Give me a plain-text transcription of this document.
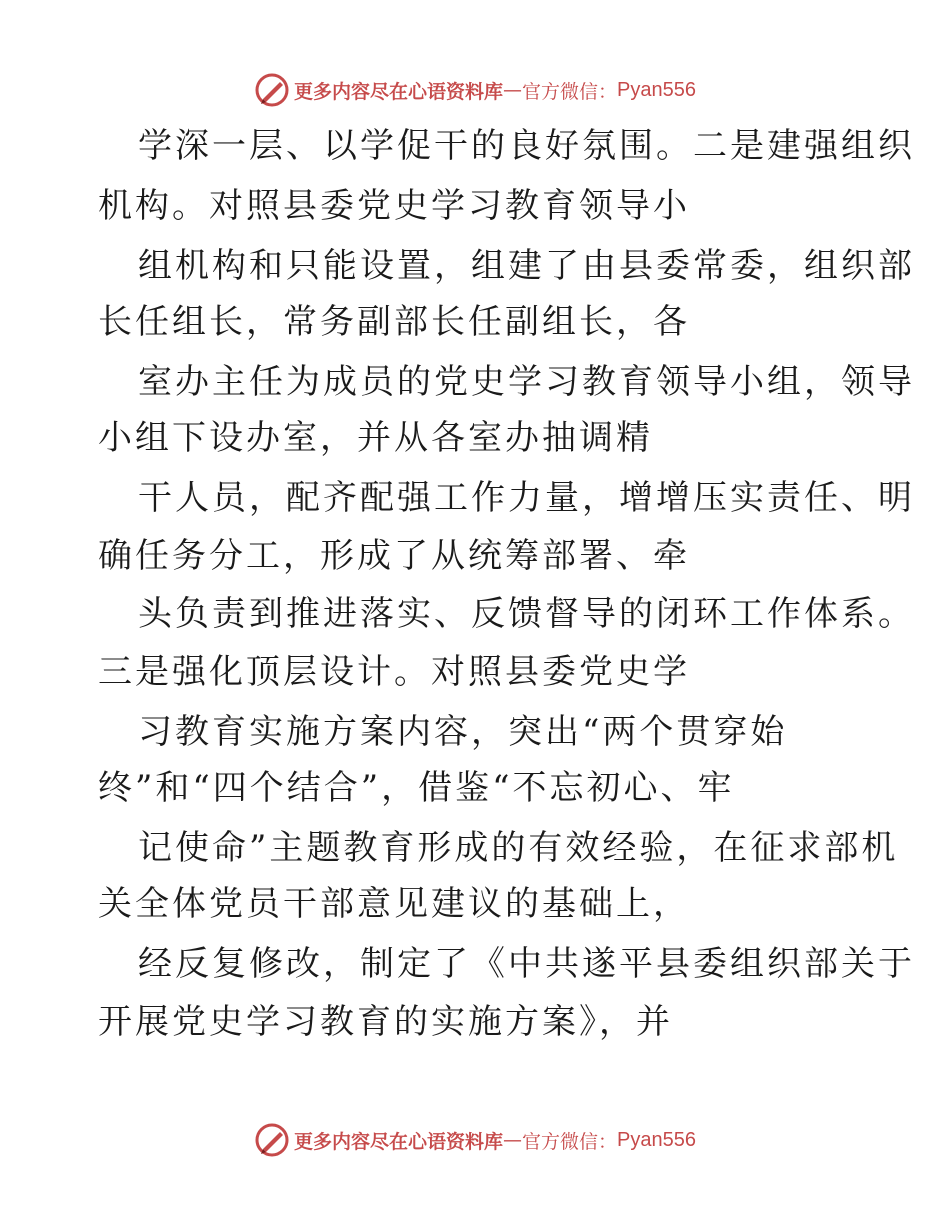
更多内容尽在心语资料库 — 官方微信： Pyan556
学深一层、以学促干的良好氛围。二是建强组织
机构。对照县委党史学习教育领导小
组机构和只能设置，组建了由县委常委，组织部
长任组长，常务副部长任副组长，各
室办主任为成员的党史学习教育领导小组，领导
小组下设办室，并从各室办抽调精
干人员，配齐配强工作力量，增增压实责任、明
确任务分工，形成了从统筹部署、牵
头负责到推进落实、反馈督导的闭环工作体系。
三是强化顶层设计。对照县委党史学
习教育实施方案内容，突出“两个贯穿始
终”和“四个结合”，借鉴“不忘初心、牢
记使命”主题教育形成的有效经验，在征求部机
关全体党员干部意见建议的基础上，
经反复修改，制定了《中共遂平县委组织部关于
开展党史学习教育的实施方案》，并
更多内容尽在心语资料库 — 官方微信： Pyan556
